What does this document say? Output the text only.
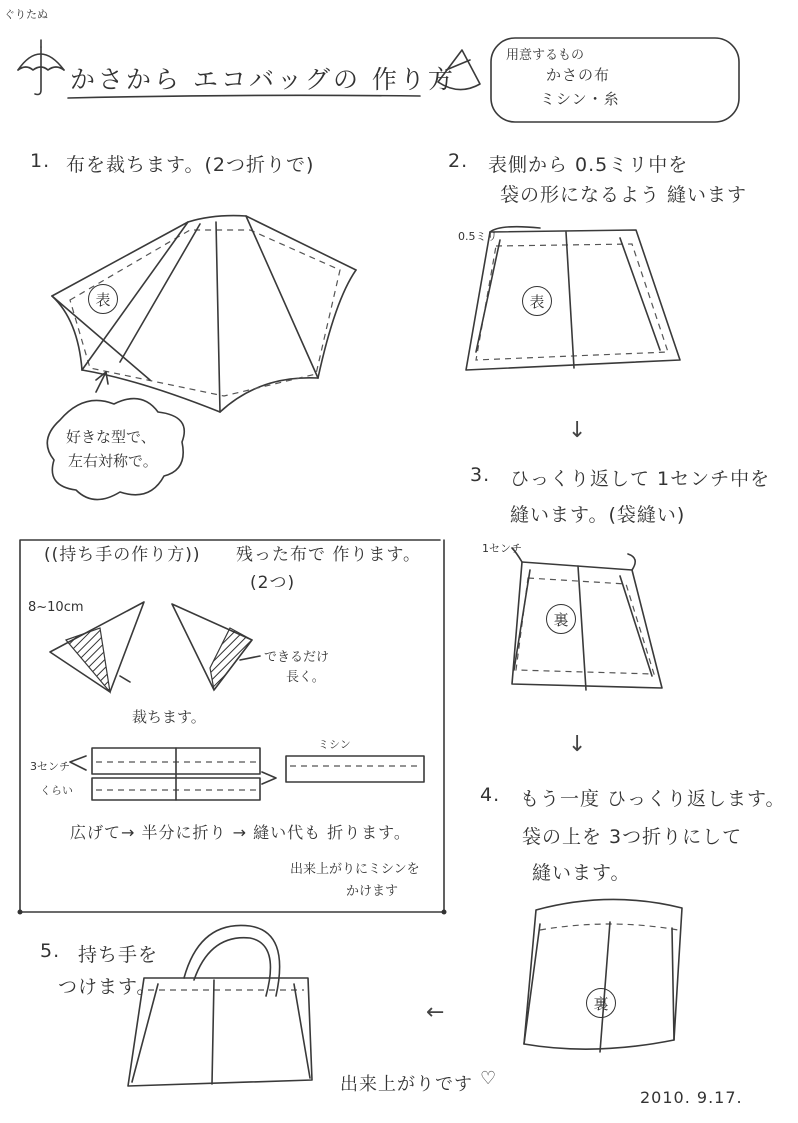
ぐりたぬ
かさから エコバッグの 作り方
用意するもの
かさの布
ミシン・糸
1. 布を裁ちます。(2つ折りで)
表
好きな型で、
左右対称で。
2. 表側から 0.5ミリ中を
袋の形になるよう 縫います
0.5ミリ
表
↓
3. ひっくり返して 1センチ中を
縫います。(袋縫い)
1センチ
裏
↓
((持ち手の作り方)) 残った布で 作ります。
(2つ)
8~10cm
できるだけ
長く。
裁ちます。
3センチ
くらい
ミシン
広げて→ 半分に折り → 縫い代も 折ります。
出来上がりにミシンを
かけます
4. もう一度 ひっくり返します。
袋の上を 3つ折りにして
縫います。
裏
←
5. 持ち手を
つけます。
出来上がりです ♡
2010. 9.17.
